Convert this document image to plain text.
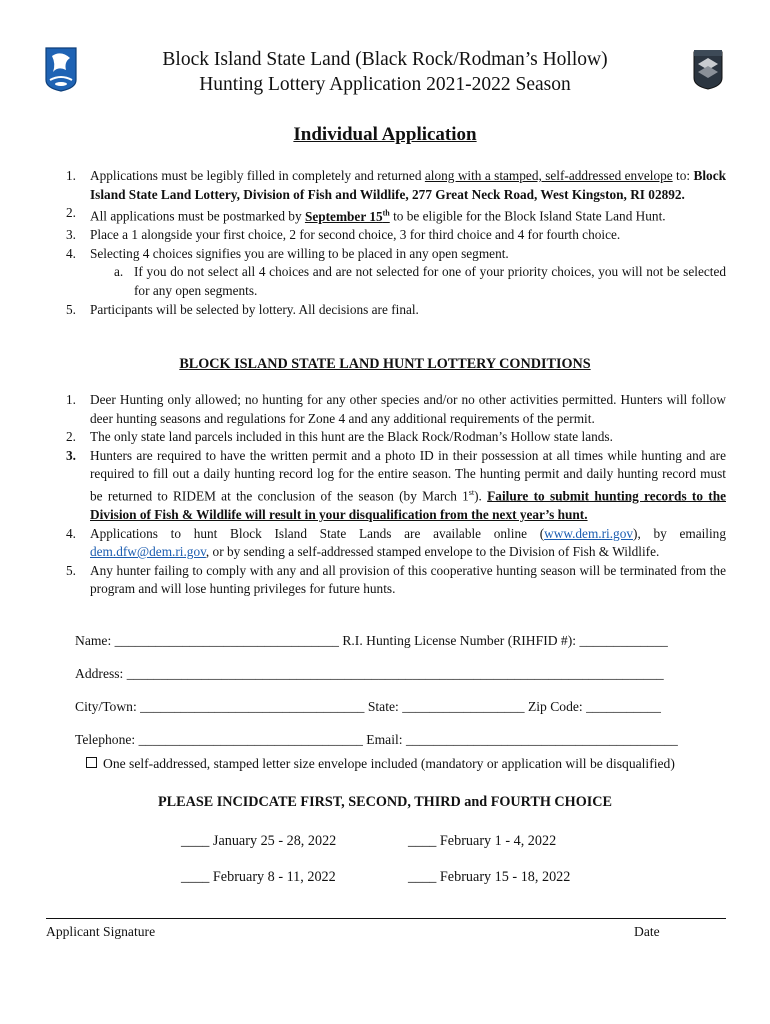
Block Island State Land (Black Rock/Rodman’s Hollow)
Hunting Lottery Application 2021-2022 Season
Individual Application
1. Applications must be legibly filled in completely and returned along with a stamped, self-addressed envelope to: Block Island State Land Lottery, Division of Fish and Wildlife, 277 Great Neck Road, West Kingston, RI 02892.
2. All applications must be postmarked by September 15th to be eligible for the Block Island State Land Hunt.
3. Place a 1 alongside your first choice, 2 for second choice, 3 for third choice and 4 for fourth choice.
4. Selecting 4 choices signifies you are willing to be placed in any open segment.
a. If you do not select all 4 choices and are not selected for one of your priority choices, you will not be selected for any open segments.
5. Participants will be selected by lottery. All decisions are final.
BLOCK ISLAND STATE LAND HUNT LOTTERY CONDITIONS
1. Deer Hunting only allowed; no hunting for any other species and/or no other activities permitted. Hunters will follow deer hunting seasons and regulations for Zone 4 and any additional requirements of the permit.
2. The only state land parcels included in this hunt are the Black Rock/Rodman’s Hollow state lands.
3. Hunters are required to have the written permit and a photo ID in their possession at all times while hunting and are required to fill out a daily hunting record log for the entire season. The hunting permit and daily hunting record must be returned to RIDEM at the conclusion of the season (by March 1st). Failure to submit hunting records to the Division of Fish & Wildlife will result in your disqualification from the next year’s hunt.
4. Applications to hunt Block Island State Lands are available online (www.dem.ri.gov), by emailing dem.dfw@dem.ri.gov, or by sending a self-addressed stamped envelope to the Division of Fish & Wildlife.
5. Any hunter failing to comply with any and all provision of this cooperative hunting season will be terminated from the program and will lose hunting privileges for future hunts.
Name: _________________________________ R.I. Hunting License Number (RIHFID #): _____________
Address: _______________________________________________________________________________
City/Town: _________________________________ State: __________________ Zip Code: ___________
Telephone: _________________________________ Email: ________________________________________
One self-addressed, stamped letter size envelope included (mandatory or application will be disqualified)
PLEASE INCIDCATE FIRST, SECOND, THIRD and FOURTH CHOICE
____ January 25 - 28, 2022	____ February 1 - 4, 2022
____ February 8 - 11, 2022	____ February 15 - 18, 2022
Applicant Signature	Date
